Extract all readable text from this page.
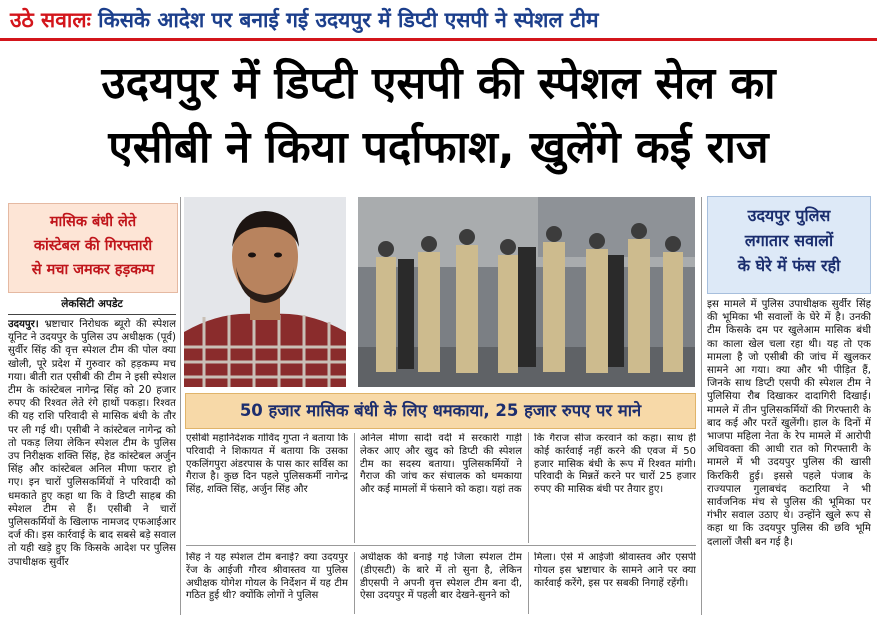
उठे सवालः किसके आदेश पर बनाई गई उदयपुर में डिप्टी एसपी ने स्पेशल टीम
उदयपुर में डिप्टी एसपी की स्पेशल सेल का
एसीबी ने किया पर्दाफाश, खुलेंगे कई राज
मासिक बंधी लेते
कांस्टेबल की गिरफ्तारी
से मचा जमकर हड़कम्प
लेकसिटी अपडेट
उदयपुर। भ्रष्टाचार निरोधक ब्यूरो की स्पेशल यूनिट ने उदयपुर के पुलिस उप अधीक्षक (पूर्व) सुर्वीर सिंह की वृत्त स्पेशल टीम की पोल क्या खोली, पूरे प्रदेश में गुरुवार को हड़कम्प मच गया। बीती रात एसीबी की टीम ने इसी स्पेशल टीम के कांस्टेबल नागेन्द्र सिंह को 20 हजार रुपए की रिश्वत लेते रंगे हाथों पकड़ा। रिश्वत की यह राशि परिवादी से मासिक बंधी के तौर पर ली गई थी। एसीबी ने कांस्टेबल नागेन्द्र को तो पकड़ लिया लेकिन स्पेशल टीम के पुलिस उप निरीक्षक शक्ति सिंह, हेड कांस्टेबल अर्जुन सिंह और कांस्टेबल अनिल मीणा फरार हो गए। इन चारों पुलिसकर्मियों ने परिवादी को धमकाते हुए कहा था कि वे डिप्टी साहब की स्पेशल टीम से हैं। एसीबी ने चारों पुलिसकर्मियों के खिलाफ नामजद एफआईआर दर्ज की। इस कार्रवाई के बाद सबसे बड़े सवाल तो यही खड़े हुए कि किसके आदेश पर पुलिस उपाधीक्षक सुर्वीर
50 हजार मासिक बंधी के लिए धमकाया, 25 हजार रुपए पर माने
एसीबी महानिदेशक गोविंद गुप्ता ने बताया कि परिवादी ने शिकायत में बताया कि उसका एकलिंगपुरा अंडरपास के पास कार सर्विस का गैराज है। कुछ दिन पहले पुलिसकर्मी नागेन्द्र सिंह, शक्ति सिंह, अर्जुन सिंह और
अनिल मीणा सादी वर्दी में सरकारी गाड़ी लेकर आए और खुद को डिप्टी की स्पेशल टीम का सदस्य बताया। पुलिसकर्मियों ने गैराज की जांच कर संचालक को धमकाया और कई मामलों में फंसाने को कहा। यहां तक
कि गैराज सीज करवाने को कहा। साथ ही कोई कार्रवाई नहीं करने की एवज में 50 हजार मासिक बंधी के रूप में रिश्वत मांगी। परिवादी के मिन्नतें करने पर चारों 25 हजार रुपए की मासिक बंधी पर तैयार हुए।
सिंह ने यह स्पेशल टीम बनाई? क्या उदयपुर रेंज के आईजी गौरव श्रीवास्तव या पुलिस अधीक्षक योगेश गोयल के निर्देशन में यह टीम गठित हुई थी? क्योंकि लोगों ने पुलिस
अधीक्षक की बनाई गई जिला स्पेशल टीम (डीएसटी) के बारे में तो सुना है, लेकिन डीएसपी ने अपनी वृत्त स्पेशल टीम बना दी, ऐसा उदयपुर में पहली बार देखने-सुनने को
मिला। ऐसे में आईजी श्रीवास्तव और एसपी गोयल इस भ्रष्टाचार के सामने आने पर क्या कार्रवाई करेंगे, इस पर सबकी निगाहें रहेंगी।
उदयपुर पुलिस
लगातार सवालों
के घेरे में फंस रही
इस मामले में पुलिस उपाधीक्षक सुर्वीर सिंह की भूमिका भी सवालों के घेरे में है। उनकी टीम किसके दम पर खुलेआम मासिक बंधी का काला खेल चला रहा थी। यह तो एक मामला है जो एसीबी की जांच में खुलकर सामने आ गया। क्या और भी पीड़ित हैं, जिनके साथ डिप्टी एसपी की स्पेशल टीम ने पुलिसिया रौब दिखाकर दादागिरी दिखाई। मामले में तीन पुलिसकर्मियों की गिरफ्तारी के बाद कई और परतें खुलेंगी। हाल के दिनों में भाजपा महिला नेता के रेप मामले में आरोपी अधिवक्ता की आधी रात को गिरफ्तारी के मामले में भी उदयपुर पुलिस की खासी किरकिरी हुई। इससे पहले पंजाब के राज्यपाल गुलाबचंद कटारिया ने भी सार्वजनिक मंच से पुलिस की भूमिका पर गंभीर सवाल उठाए थे। उन्होंने खुले रूप से कहा था कि उदयपुर पुलिस की छवि भूमि दलालों जैसी बन गई है।
